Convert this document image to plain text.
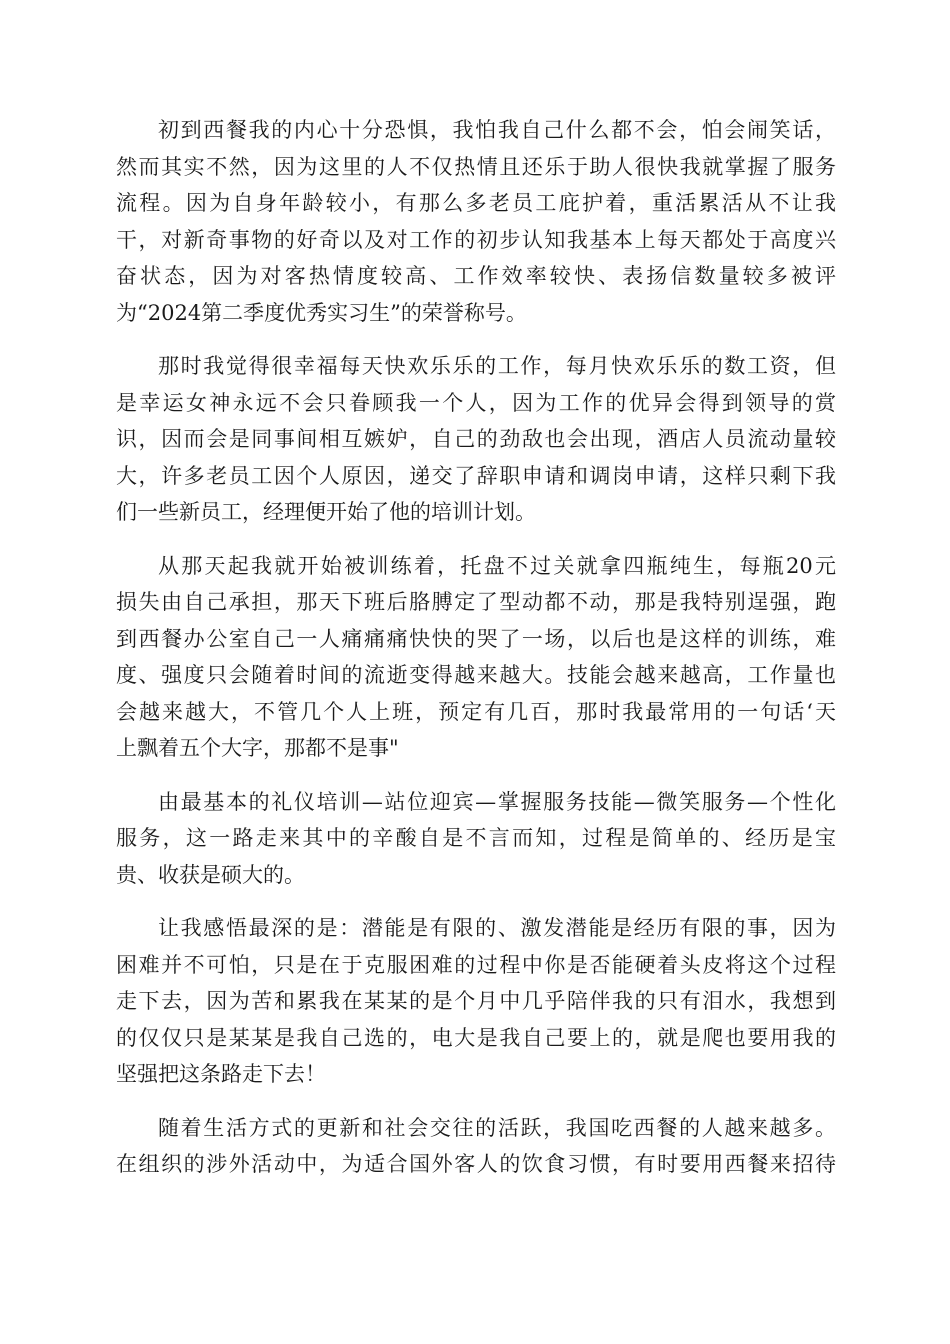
初到西餐我的内心十分恐惧，我怕我自己什么都不会，怕会闹笑话，
然而其实不然，因为这里的人不仅热情且还乐于助人很快我就掌握了服务
流程。因为自身年龄较小，有那么多老员工庇护着，重活累活从不让我
干，对新奇事物的好奇以及对工作的初步认知我基本上每天都处于高度兴
奋状态，因为对客热情度较高、工作效率较快、表扬信数量较多被评
为“2024第二季度优秀实习生”的荣誉称号。
那时我觉得很幸福每天快欢乐乐的工作，每月快欢乐乐的数工资，但
是幸运女神永远不会只眷顾我一个人，因为工作的优异会得到领导的赏
识，因而会是同事间相互嫉妒，自己的劲敌也会出现，酒店人员流动量较
大，许多老员工因个人原因，递交了辞职申请和调岗申请，这样只剩下我
们一些新员工，经理便开始了他的培训计划。
从那天起我就开始被训练着，托盘不过关就拿四瓶纯生，每瓶20元
损失由自己承担，那天下班后胳膊定了型动都不动，那是我特别逞强，跑
到西餐办公室自己一人痛痛痛快快的哭了一场，以后也是这样的训练，难
度、强度只会随着时间的流逝变得越来越大。技能会越来越高，工作量也
会越来越大，不管几个人上班，预定有几百，那时我最常用的一句话‘天
上飘着五个大字，那都不是事"
由最基本的礼仪培训—站位迎宾—掌握服务技能—微笑服务—个性化
服务，这一路走来其中的辛酸自是不言而知，过程是简单的、经历是宝
贵、收获是硕大的。
让我感悟最深的是：潜能是有限的、激发潜能是经历有限的事，因为
困难并不可怕，只是在于克服困难的过程中你是否能硬着头皮将这个过程
走下去，因为苦和累我在某某的是个月中几乎陪伴我的只有泪水，我想到
的仅仅只是某某是我自己选的，电大是我自己要上的，就是爬也要用我的
坚强把这条路走下去！
随着生活方式的更新和社会交往的活跃，我国吃西餐的人越来越多。
在组织的涉外活动中，为适合国外客人的饮食习惯，有时要用西餐来招待
